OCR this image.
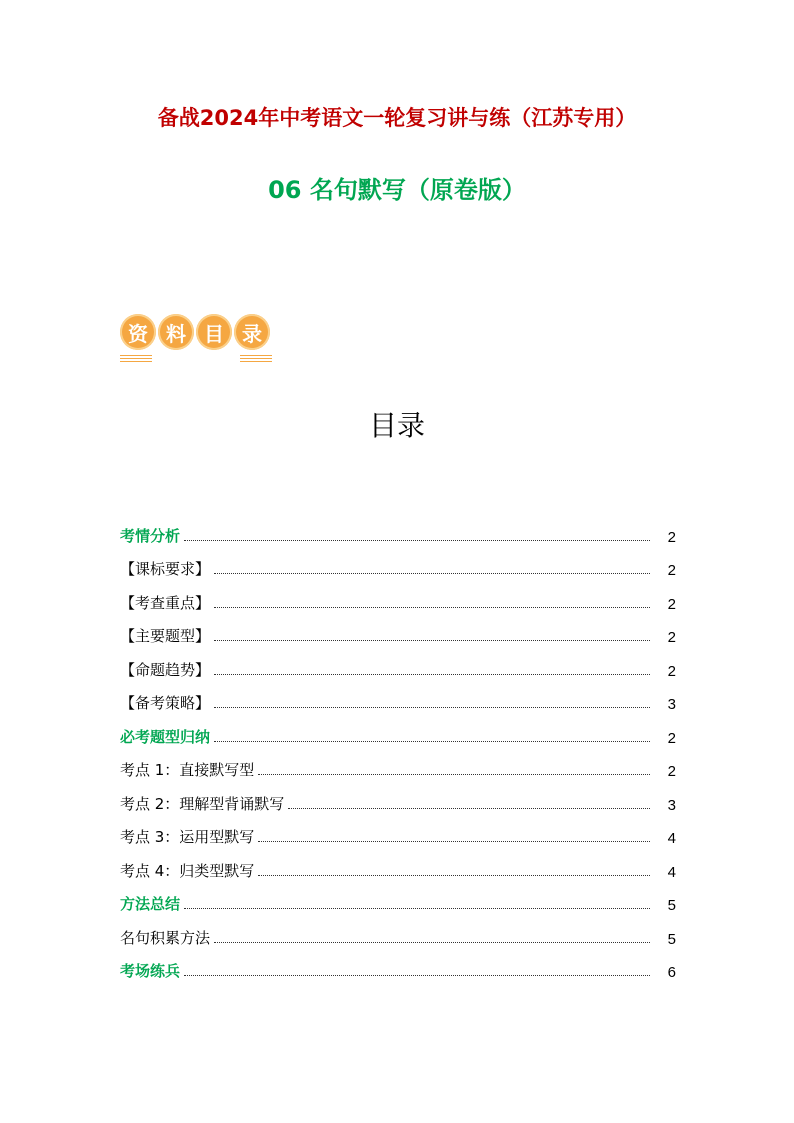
备战2024年中考语文一轮复习讲与练（江苏专用）
06 名句默写（原卷版）
资 料 目 录
目录
考情分析	2
【课标要求】	2
【考查重点】	2
【主要题型】	2
【命题趋势】	2
【备考策略】	3
必考题型归纳	2
考点 1：直接默写型	2
考点 2：理解型背诵默写	3
考点 3：运用型默写	4
考点 4：归类型默写	4
方法总结	5
名句积累方法	5
考场练兵	6
